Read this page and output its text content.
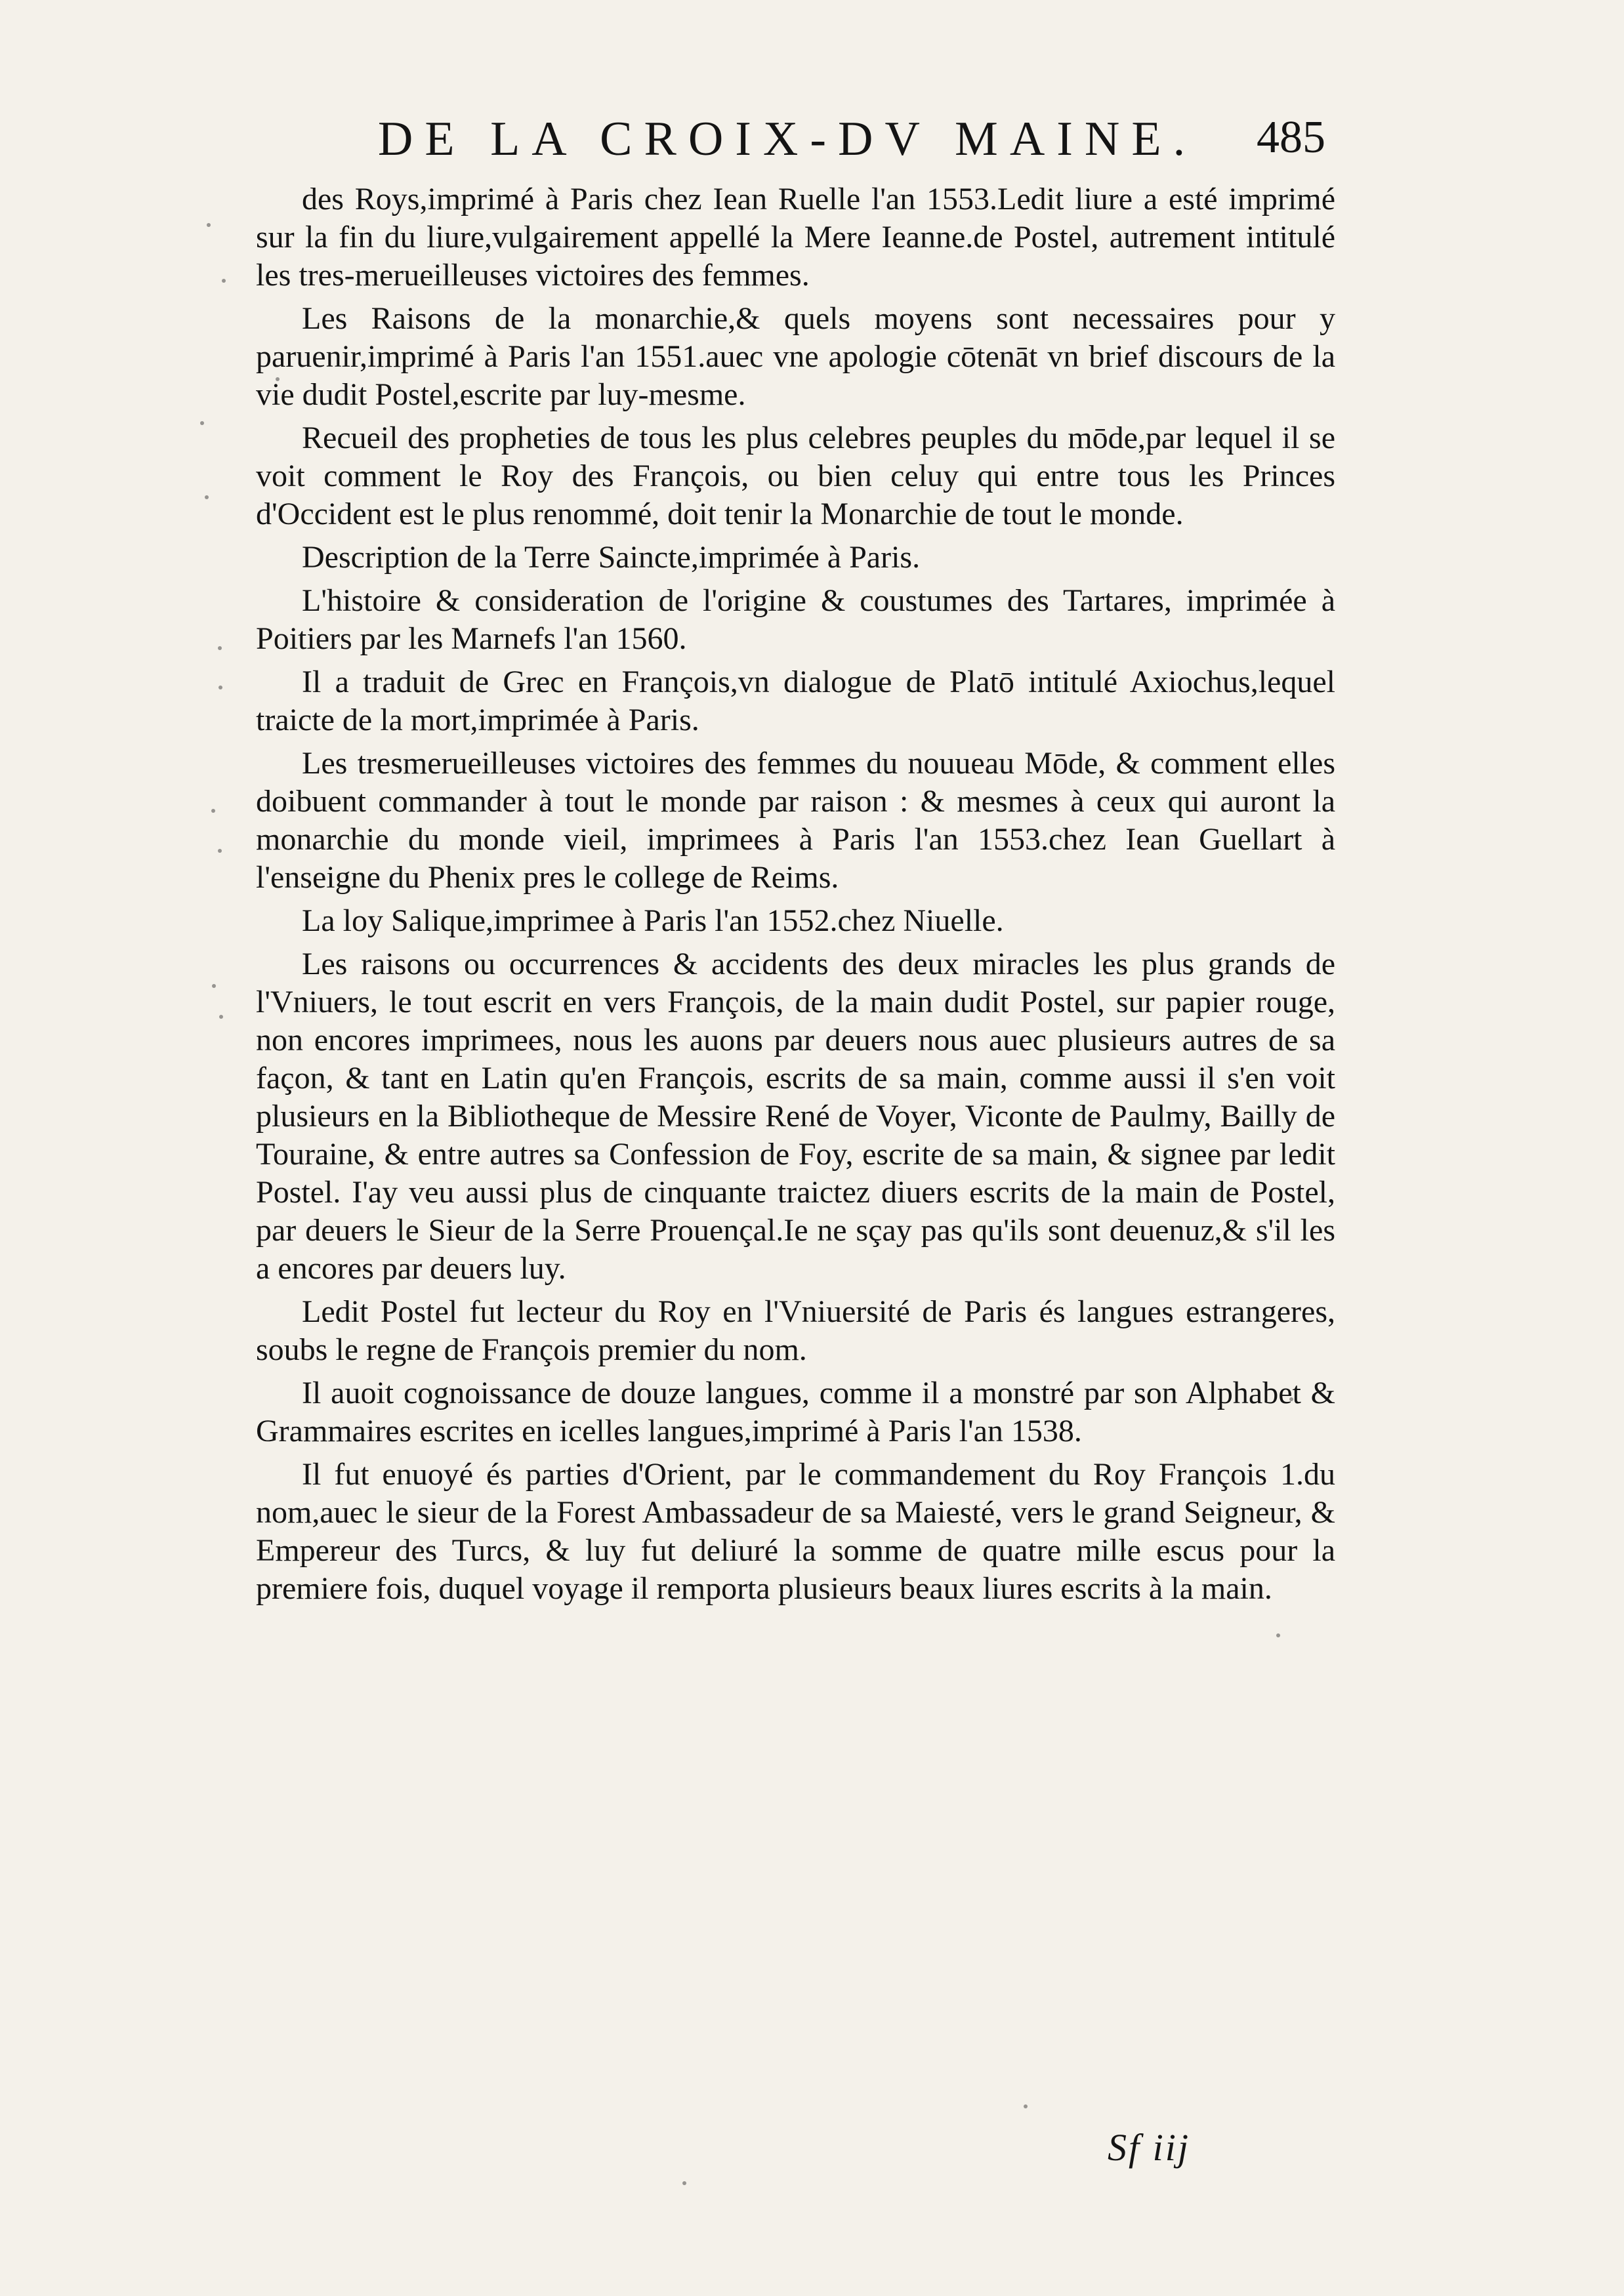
DE LA CROIX-DV MAINE. 485

des Roys,imprimé à Paris chez Iean Ruelle l'an 1553.Ledit liure a esté imprimé sur la fin du liure,vulgairement appellé la Mere Ieanne.de Postel, autrement intitulé les tres-merueilleuses victoires des femmes.

Les Raisons de la monarchie,& quels moyens sont necessaires pour y paruenir,imprimé à Paris l'an 1551.auec vne apologie cōtenāt vn brief discours de la vie dudit Postel,escrite par luy-mesme.

Recueil des propheties de tous les plus celebres peuples du mōde,par lequel il se voit comment le Roy des François, ou bien celuy qui entre tous les Princes d'Occident est le plus renommé, doit tenir la Monarchie de tout le monde.

Description de la Terre Saincte,imprimée à Paris.

L'histoire & consideration de l'origine & coustumes des Tartares, imprimée à Poitiers par les Marnefs l'an 1560.

Il a traduit de Grec en François,vn dialogue de Platō intitulé Axiochus,lequel traicte de la mort,imprimée à Paris.

Les tresmerueilleuses victoires des femmes du nouueau Mōde, & comment elles doibuent commander à tout le monde par raison : & mesmes à ceux qui auront la monarchie du monde vieil, imprimees à Paris l'an 1553.chez Iean Guellart à l'enseigne du Phenix pres le college de Reims.

La loy Salique,imprimee à Paris l'an 1552.chez Niuelle.

Les raisons ou occurrences & accidents des deux miracles les plus grands de l'Vniuers, le tout escrit en vers François, de la main dudit Postel, sur papier rouge, non encores imprimees, nous les auons par deuers nous auec plusieurs autres de sa façon, & tant en Latin qu'en François, escrits de sa main, comme aussi il s'en voit plusieurs en la Bibliotheque de Messire René de Voyer, Viconte de Paulmy, Bailly de Touraine, & entre autres sa Confession de Foy, escrite de sa main, & signee par ledit Postel. I'ay veu aussi plus de cinquante traictez diuers escrits de la main de Postel, par deuers le Sieur de la Serre Prouençal.Ie ne sçay pas qu'ils sont deuenuz,& s'il les a encores par deuers luy.

Ledit Postel fut lecteur du Roy en l'Vniuersité de Paris és langues estrangeres, soubs le regne de François premier du nom.

Il auoit cognoissance de douze langues, comme il a monstré par son Alphabet & Grammaires escrites en icelles langues,imprimé à Paris l'an 1538.

Il fut enuoyé és parties d'Orient, par le commandement du Roy François 1.du nom,auec le sieur de la Forest Ambassadeur de sa Maiesté, vers le grand Seigneur, & Empereur des Turcs, & luy fut deliuré la somme de quatre mille escus pour la premiere fois, duquel voyage il remporta plusieurs beaux liures escrits à la main.

Sf iij
